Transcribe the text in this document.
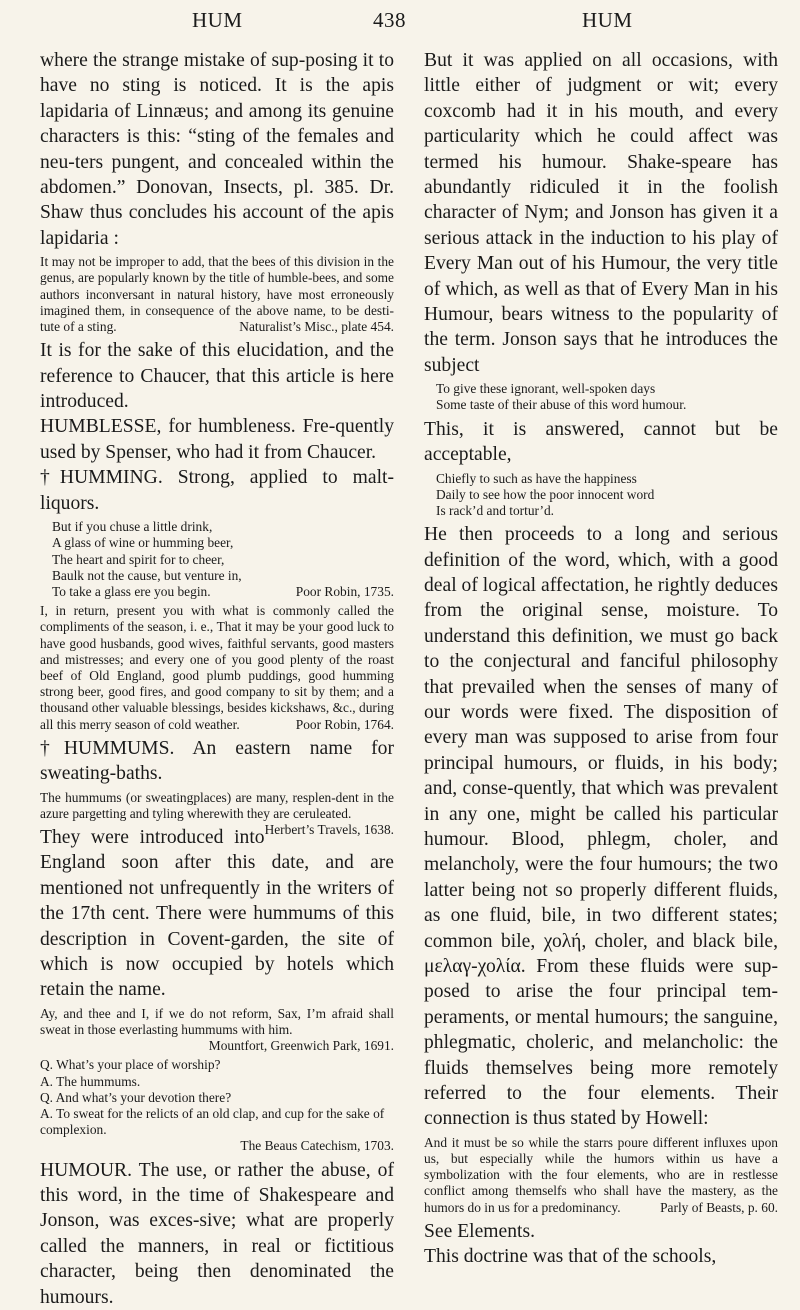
HUM	438	HUM

where the strange mistake of sup-posing it to have no sting is noticed. It is the apis lapidaria of Linnæus; and among its genuine characters is this: “sting of the females and neu-ters pungent, and concealed within the abdomen.” Donovan, Insects, pl. 385. Dr. Shaw thus concludes his account of the apis lapidaria :

It may not be improper to add, that the bees of this division in the genus, are popularly known by the title of humble-bees, and some authors inconversant in natural history, have most erroneously imagined them, in consequence of the above name, to be desti-tute of a sting.	Naturalist’s Misc., plate 454.

It is for the sake of this elucidation, and the reference to Chaucer, that this article is here introduced.

HUMBLESSE, for humbleness. Fre-quently used by Spenser, who had it from Chaucer.

†HUMMING. Strong, applied to malt-liquors.

But if you chuse a little drink,
A glass of wine or humming beer,
The heart and spirit for to cheer,
Baulk not the cause, but venture in,
To take a glass ere you begin.	Poor Robin, 1735.

I, in return, present you with what is commonly called the compliments of the season, i. e., That it may be your good luck to have good husbands, good wives, faithful servants, good masters and mistresses; and every one of you good plenty of the roast beef of Old England, good plumb puddings, good humming strong beer, good fires, and good company to sit by them; and a thousand other valuable blessings, besides kickshaws, &c., during all this merry season of cold weather.	Poor Robin, 1764.

†HUMMUMS. An eastern name for sweating-baths.

The hummums (or sweatingplaces) are many, resplen-dent in the azure pargetting and tyling wherewith they are ceruleated.
Herbert’s Travels, 1638.

They were introduced into England soon after this date, and are mentioned not unfrequently in the writers of the 17th cent. There were hummums of this description in Covent-garden, the site of which is now occupied by hotels which retain the name.

Ay, and thee and I, if we do not reform, Sax, I’m afraid shall sweat in those everlasting hummums with him.
Mountfort, Greenwich Park, 1691.

Q. What’s your place of worship?
A. The hummums.
Q. And what’s your devotion there?
A. To sweat for the relicts of an old clap, and cup for the sake of complexion.
The Beaus Catechism, 1703.

HUMOUR. The use, or rather the abuse, of this word, in the time of Shakespeare and Jonson, was exces-sive; what are properly called the manners, in real or fictitious character, being then denominated the humours.

But it was applied on all occasions, with little either of judgment or wit; every coxcomb had it in his mouth, and every particularity which he could affect was termed his humour. Shake-speare has abundantly ridiculed it in the foolish character of Nym; and Jonson has given it a serious attack in the induction to his play of Every Man out of his Humour, the very title of which, as well as that of Every Man in his Humour, bears witness to the popularity of the term. Jonson says that he introduces the subject

To give these ignorant, well-spoken days
Some taste of their abuse of this word humour.

This, it is answered, cannot but be acceptable,

Chiefly to such as have the happiness
Daily to see how the poor innocent word
Is rack’d and tortur’d.

He then proceeds to a long and serious definition of the word, which, with a good deal of logical affectation, he rightly deduces from the original sense, moisture. To understand this definition, we must go back to the conjectural and fanciful philosophy that prevailed when the senses of many of our words were fixed. The disposition of every man was supposed to arise from four principal humours, or fluids, in his body; and, conse-quently, that which was prevalent in any one, might be called his particular humour. Blood, phlegm, choler, and melancholy, were the four humours; the two latter being not so properly different fluids, as one fluid, bile, in two different states; common bile, χολή, choler, and black bile, μελαγ-χολία. From these fluids were sup-posed to arise the four principal tem-peraments, or mental humours; the sanguine, phlegmatic, choleric, and melancholic: the fluids themselves being more remotely referred to the four elements. Their connection is thus stated by Howell:

And it must be so while the starrs poure different influxes upon us, but especially while the humors within us have a symbolization with the four elements, who are in restlesse conflict among themselfs who shall have the mastery, as the humors do in us for a predominancy.	Parly of Beasts, p. 60.

See Elements.

This doctrine was that of the schools,
